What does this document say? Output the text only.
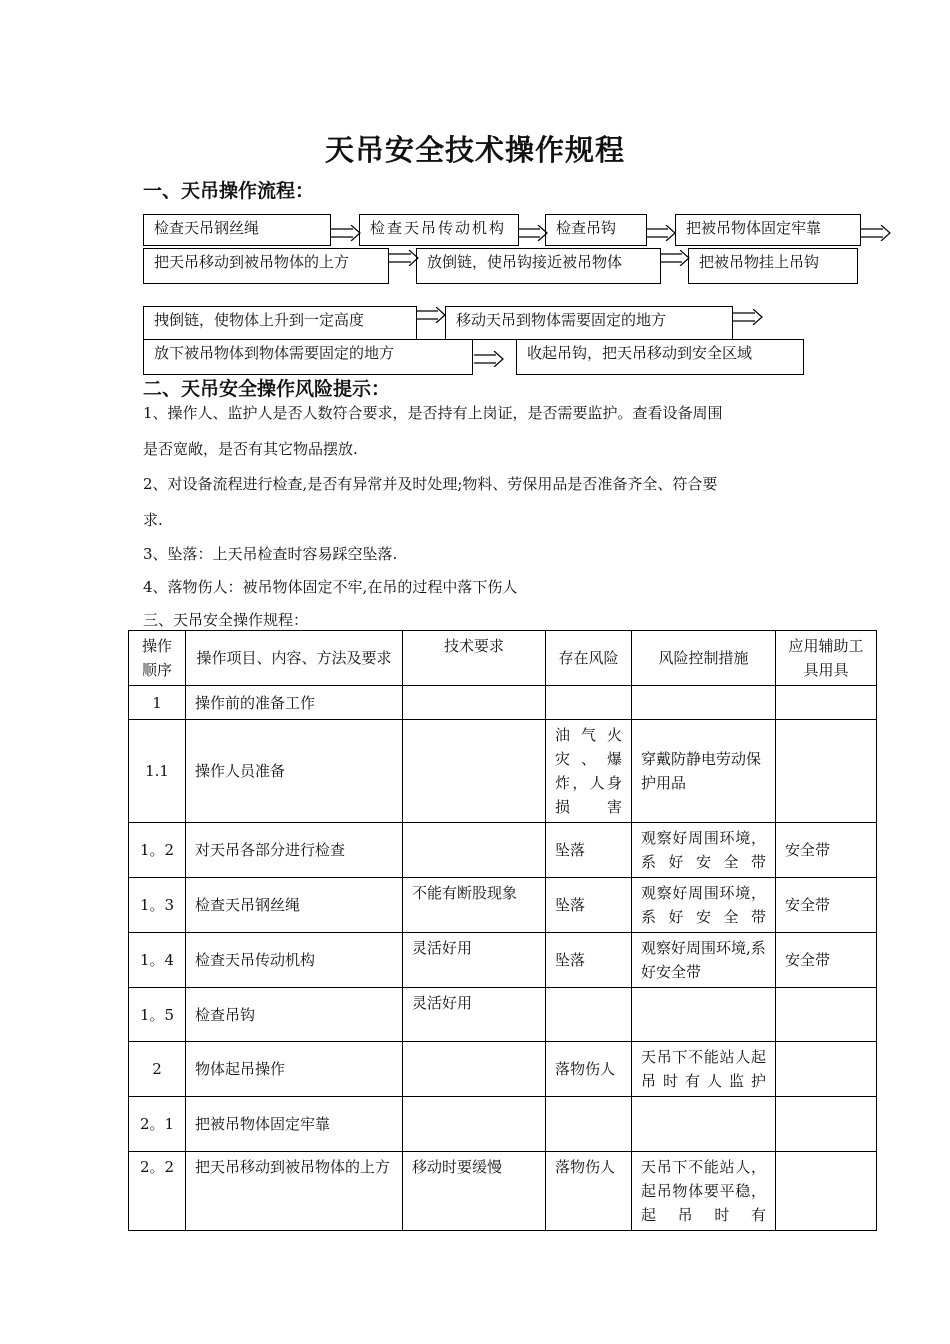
天吊安全技术操作规程
一、天吊操作流程：
检查天吊钢丝绳	检查天吊传动机构	检查吊钩	把被吊物体固定牢靠
把天吊移动到被吊物体的上方	放倒链，使吊钩接近被吊物体	把被吊物挂上吊钩
拽倒链，使物体上升到一定高度	移动天吊到物体需要固定的地方
放下被吊物体到物体需要固定的地方	收起吊钩，把天吊移动到安全区域
二、天吊安全操作风险提示：
1、操作人、监护人是否人数符合要求，是否持有上岗证，是否需要监护。查看设备周围
是否宽敞，是否有其它物品摆放.
2、对设备流程进行检查,是否有异常并及时处理;物料、劳保用品是否准备齐全、符合要
求.
3、坠落：上天吊检查时容易踩空坠落.
4、落物伤人：被吊物体固定不牢,在吊的过程中落下伤人
三、天吊安全操作规程：
操作顺序	操作项目、内容、方法及要求	技术要求	存在风险	风险控制措施	应用辅助工具用具
1	操作前的准备工作				
1.1	操作人员准备		油气火灾、爆炸，人身损害	穿戴防静电劳动保护用品	
1。2	对天吊各部分进行检查		坠落	观察好周围环境，系好安全带	安全带
1。3	检查天吊钢丝绳	不能有断股现象	坠落	观察好周围环境，系好安全带	安全带
1。4	检查天吊传动机构	灵活好用	坠落	观察好周围环境,系好安全带	安全带
1。5	检查吊钩	灵活好用			
2	物体起吊操作		落物伤人	天吊下不能站人起吊时有人监护	
2。1	把被吊物体固定牢靠				
2。2	把天吊移动到被吊物体的上方	移动时要缓慢	落物伤人	天吊下不能站人，起吊物体要平稳，起吊时有	
